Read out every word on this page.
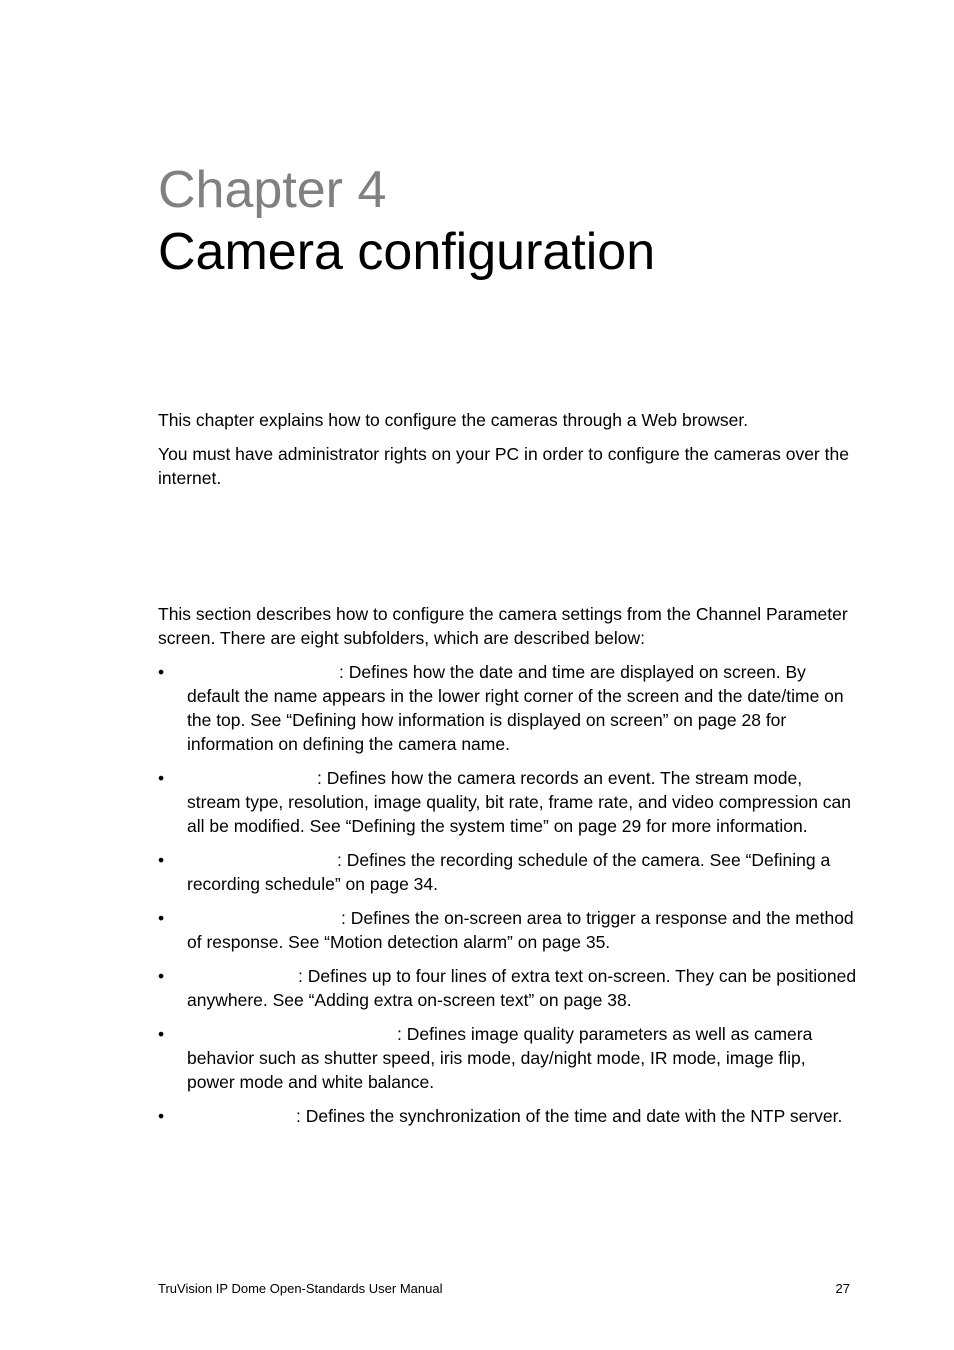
Chapter 4
Camera configuration

This chapter explains how to configure the cameras through a Web browser.

You must have administrator rights on your PC in order to configure the cameras over the internet.

This section describes how to configure the camera settings from the Channel Parameter screen. There are eight subfolders, which are described below:

•	: Defines how the date and time are displayed on screen. By default the name appears in the lower right corner of the screen and the date/time on the top. See “Defining how information is displayed on screen” on page 28 for information on defining the camera name.
•	: Defines how the camera records an event. The stream mode, stream type, resolution, image quality, bit rate, frame rate, and video compression can all be modified. See “Defining the system time” on page 29 for more information.
•	: Defines the recording schedule of the camera. See “Defining a recording schedule” on page 34.
•	: Defines the on-screen area to trigger a response and the method of response. See “Motion detection alarm” on page 35.
•	: Defines up to four lines of extra text on-screen. They can be positioned anywhere. See “Adding extra on-screen text” on page 38.
•	: Defines image quality parameters as well as camera behavior such as shutter speed, iris mode, day/night mode, IR mode, image flip, power mode and white balance.
•	: Defines the synchronization of the time and date with the NTP server.
TruVision IP Dome Open-Standards User Manual	27
